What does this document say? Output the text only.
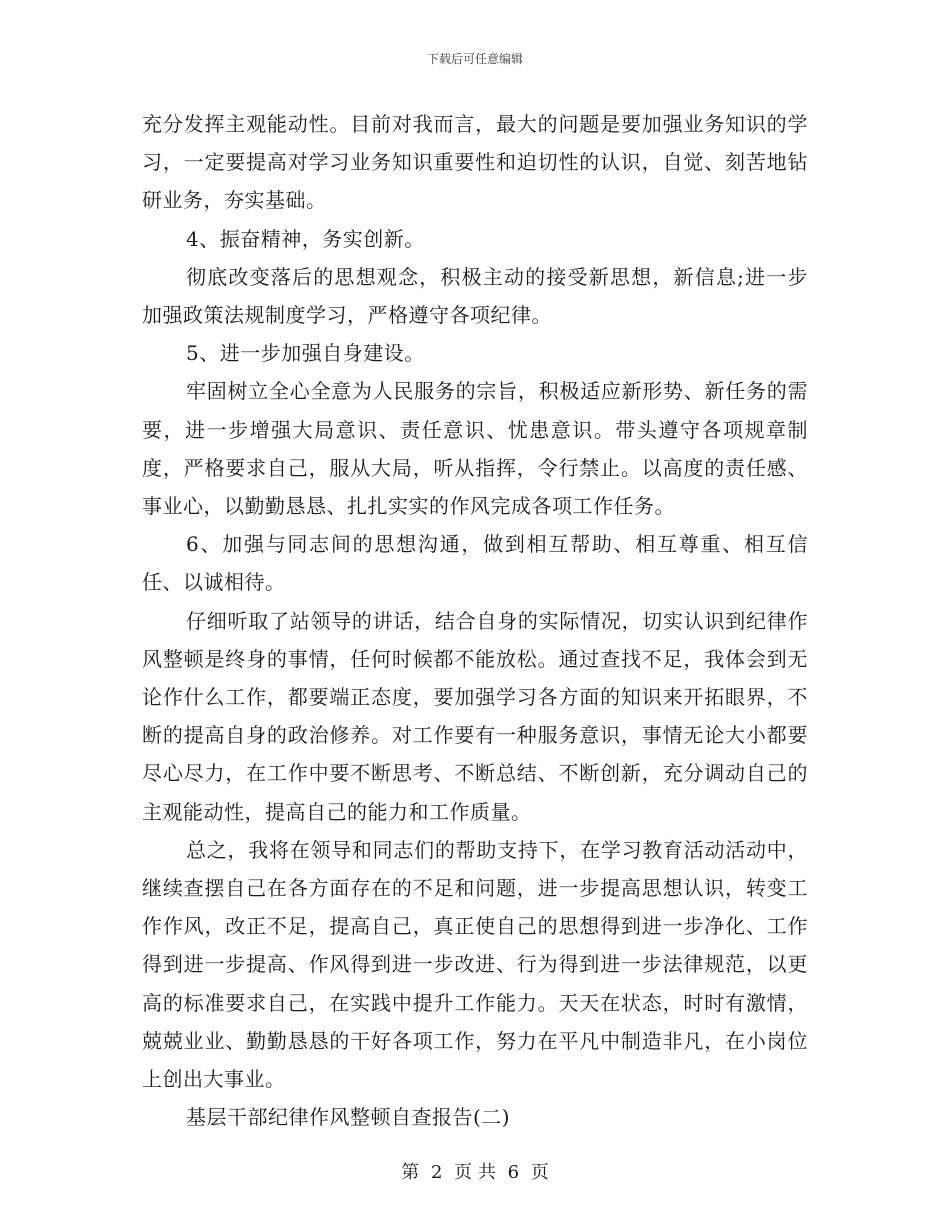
下载后可任意编辑

充分发挥主观能动性。目前对我而言，最大的问题是要加强业务知识的学习，一定要提高对学习业务知识重要性和迫切性的认识，自觉、刻苦地钻研业务，夯实基础。

4、振奋精神，务实创新。

彻底改变落后的思想观念，积极主动的接受新思想，新信息;进一步加强政策法规制度学习，严格遵守各项纪律。

5、进一步加强自身建设。

牢固树立全心全意为人民服务的宗旨，积极适应新形势、新任务的需要，进一步增强大局意识、责任意识、忧患意识。带头遵守各项规章制度，严格要求自己，服从大局，听从指挥，令行禁止。以高度的责任感、事业心，以勤勤恳恳、扎扎实实的作风完成各项工作任务。

6、加强与同志间的思想沟通，做到相互帮助、相互尊重、相互信任、以诚相待。

仔细听取了站领导的讲话，结合自身的实际情况，切实认识到纪律作风整顿是终身的事情，任何时候都不能放松。通过查找不足，我体会到无论作什么工作，都要端正态度，要加强学习各方面的知识来开拓眼界，不断的提高自身的政治修养。对工作要有一种服务意识，事情无论大小都要尽心尽力，在工作中要不断思考、不断总结、不断创新，充分调动自己的主观能动性，提高自己的能力和工作质量。

总之，我将在领导和同志们的帮助支持下，在学习教育活动活动中，继续查摆自己在各方面存在的不足和问题，进一步提高思想认识，转变工作作风，改正不足，提高自己，真正使自己的思想得到进一步净化、工作得到进一步提高、作风得到进一步改进、行为得到进一步法律规范，以更高的标准要求自己，在实践中提升工作能力。天天在状态，时时有激情，兢兢业业、勤勤恳恳的干好各项工作，努力在平凡中制造非凡，在小岗位上创出大事业。

基层干部纪律作风整顿自查报告(二)

第 2 页 共 6 页
